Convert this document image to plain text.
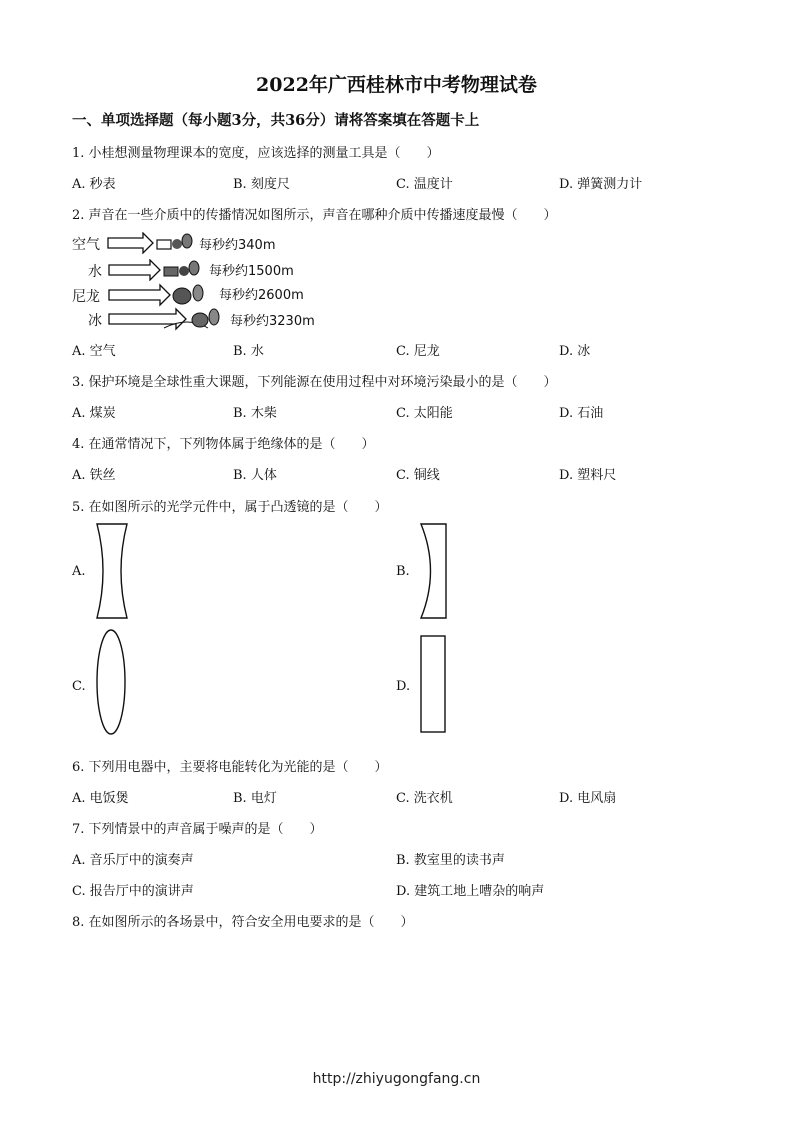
2022年广西桂林市中考物理试卷
一、单项选择题（每小题3分，共36分）请将答案填在答题卡上
1. 小桂想测量物理课本的宽度，应该选择的测量工具是（　　）
A. 秒表	B. 刻度尺	C. 温度计	D. 弹簧测力计
2. 声音在一些介质中的传播情况如图所示，声音在哪种介质中传播速度最慢（　　）
空气	每秒约340m
水	每秒约1500m
尼龙	每秒约2600m
冰	每秒约3230m
A. 空气	B. 水	C. 尼龙	D. 冰
3. 保护环境是全球性重大课题，下列能源在使用过程中对环境污染最小的是（　　）
A. 煤炭	B. 木柴	C. 太阳能	D. 石油
4. 在通常情况下，下列物体属于绝缘体的是（　　）
A. 铁丝	B. 人体	C. 铜线	D. 塑料尺
5. 在如图所示的光学元件中，属于凸透镜的是（　　）
A.	B.
C.	D.
6. 下列用电器中，主要将电能转化为光能的是（　　）
A. 电饭煲	B. 电灯	C. 洗衣机	D. 电风扇
7. 下列情景中的声音属于噪声的是（　　）
A. 音乐厅中的演奏声	B. 教室里的读书声
C. 报告厅中的演讲声	D. 建筑工地上嘈杂的响声
8. 在如图所示的各场景中，符合安全用电要求的是（　　）
http://zhiyugongfang.cn
